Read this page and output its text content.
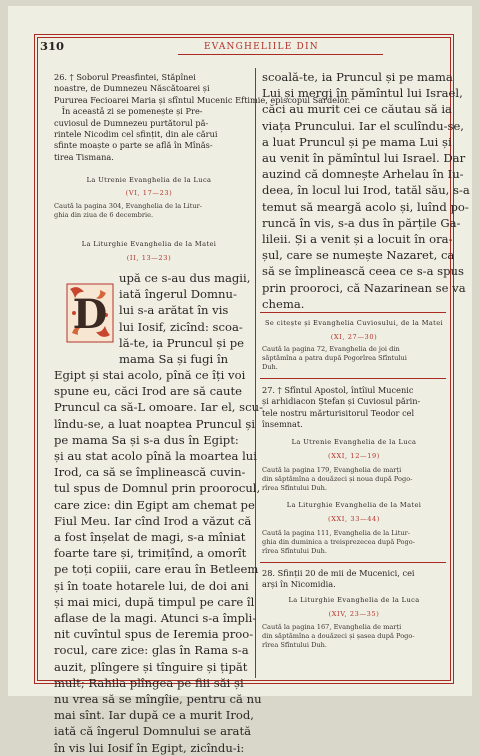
310	EVANGHELIILE DIN
26. † Soborul Preasfintei, Stăpînei
noastre, de Dumnezeu Născătoarei și
Pururea Fecioarei Maria și sfîntul Mucenic Eftimie, episcopul Sardelor.
În aceastǎ zi se pomenește și Pre-
cuviosul de Dumnezeu purtătorul pă-
rintele Nicodim cel sfințit, din ale cărui
sfinte moaște o parte se află în Mînăs-
tirea Tismana.
La Utrenie Evanghelia de la Luca
(VI, 17—23)
Cautǎ la pagina 304, Evanghelia de la Litur-
ghia din ziua de 6 decembrie.
La Liturghie Evanghelia de la Matei
(II, 13—23)
D
upă ce s-au dus magii,
iată îngerul Domnu-
lui s-a arătat în vis
lui Iosif, zicînd: scoa-
lă-te, ia Pruncul și pe
mama Sa și fugi în
Egipt și stai acolo, pînă ce îți voi
spune eu, căci Irod are să caute
Pruncul ca să-L omoare. Iar el, scu-
lîndu-se, a luat noaptea Pruncul și
pe mama Sa și s-a dus în Egipt:
și au stat acolo pînă la moartea lui
Irod, ca să se împlinească cuvin-
tul spus de Domnul prin proorocul,
care zice: din Egipt am chemat pe
Fiul Meu. Iar cînd Irod a văzut că
a fost înșelat de magi, s-a mîniat
foarte tare și, trimițînd, a omorît
pe toți copiii, care erau în Betleem
și în toate hotarele lui, de doi ani
și mai mici, după timpul pe care îl
aflase de la magi. Atunci s-a împli-
nit cuvîntul spus de Ieremia proo-
rocul, care zice: glas în Rama s-a
auzit, plîngere și tînguire și țipăt
mult; Rahila plîngea pe fiii săi și
nu vrea să se mîngîie, pentru că nu
mai sînt. Iar după ce a murit Irod,
iată că îngerul Domnului se arată
în vis lui Iosif în Egipt, zicîndu-i:
scoală-te, ia Pruncul și pe mama
Lui și mergi în pămîntul lui Israel,
căci au murit cei ce căutau să ia
viața Pruncului. Iar el sculîndu-se,
a luat Pruncul și pe mama Lui și
au venit în pămîntul lui Israel. Dar
auzind că domnește Arhelau în Iu-
deea, în locul lui Irod, tatăl său, s-a
temut să meargă acolo și, luînd po-
runcă în vis, s-a dus în părțile Ga-
lileii. Și a venit și a locuit în ora-
șul, care se numește Nazaret, ca
să se împlinească ceea ce s-a spus
prin prooroci, că Nazarinean se va
chema.
Se citește și Evanghelia Cuviosului, de la Matei
(XI, 27—30)
Cautǎ la pagina 72, Evanghelia de joi din
săptămîna a patra după Pogorîrea Sfîntului
Duh.
27. † Sfîntul Apostol, întîiul Mucenic
și arhidiacon Ștefan și Cuviosul părin-
tele nostru mărturisitorul Teodor cel
însemnat.
La Utrenie Evanghelia de la Luca
(XXI, 12—19)
Caută la pagina 179, Evanghelia de marți
din săptămîna a douăzeci și noua după Pogo-
rîrea Sfîntului Duh.
La Liturghie Evanghelia de la Matei
(XXI, 33—44)
Caută la pagina 111, Evanghelia de la Litur-
ghia din duminica a treisprezecea după Pogo-
rîrea Sfîntului Duh.
28. Sfinții 20 de mii de Mucenici, cei
arși în Nicomidia.
La Liturghie Evanghelia de la Luca
(XIV, 23—35)
Caută la pagina 167, Evanghelia de marți
din săptămîna a douăzeci și șasea după Pogo-
rîrea Sfîntului Duh.
